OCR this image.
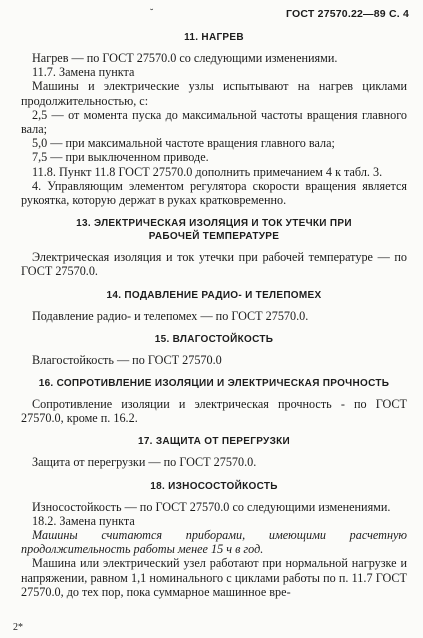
˘	ГОСТ 27570.22—89 С. 4

11. НАГРЕВ

Нагрев — по ГОСТ 27570.0 со следующими изменениями.

11.7. Замена пункта

Машины и электрические узлы испытывают на нагрев циклами продолжительностью, с:

2,5 — от момента пуска до максимальной частоты вращения главного вала;

5,0 — при максимальной частоте вращения главного вала;

7,5 — при выключенном приводе.

11.8. Пункт 11.8 ГОСТ 27570.0 дополнить примечанием 4 к табл. 3.

4. Управляющим элементом регулятора скорости вращения является рукоятка, которую держат в руках кратковременно.

13. ЭЛЕКТРИЧЕСКАЯ ИЗОЛЯЦИЯ И ТОК УТЕЧКИ ПРИ РАБОЧЕЙ ТЕМПЕРАТУРЕ

Электрическая изоляция и ток утечки при рабочей температуре — по ГОСТ 27570.0.

14. ПОДАВЛЕНИЕ РАДИО- И ТЕЛЕПОМЕХ

Подавление радио- и телепомех — по ГОСТ 27570.0.

15. ВЛАГОСТОЙКОСТЬ

Влагостойкость — по ГОСТ 27570.0

16. СОПРОТИВЛЕНИЕ ИЗОЛЯЦИИ И ЭЛЕКТРИЧЕСКАЯ ПРОЧНОСТЬ

Сопротивление изоляции и электрическая прочность - по ГОСТ 27570.0, кроме п. 16.2.

17. ЗАЩИТА ОТ ПЕРЕГРУЗКИ

Защита от перегрузки — по ГОСТ 27570.0.

18. ИЗНОСОСТОЙКОСТЬ

Износостойкость — по ГОСТ 27570.0 со следующими изменениями.

18.2. Замена пункта

Машины считаются приборами, имеющими расчетную продолжительность работы менее 15 ч в год.

Машина или электрический узел работают при нормальной нагрузке и напряжении, равном 1,1 номинального с циклами работы по п. 11.7 ГОСТ 27570.0, до тех пор, пока суммарное машинное вре-

2*
